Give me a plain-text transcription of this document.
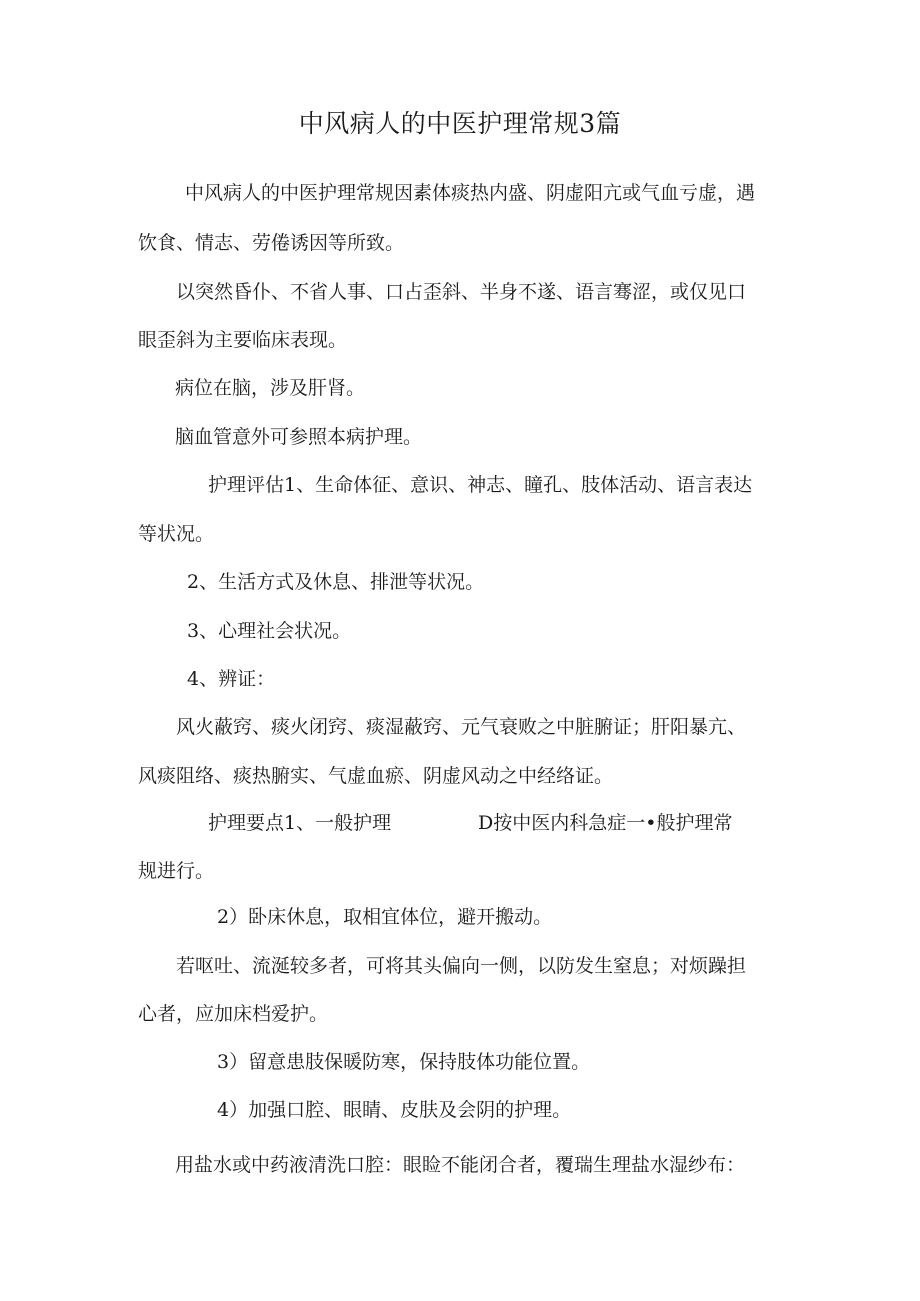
中风病人的中医护理常规3篇
中风病人的中医护理常规因素体痰热内盛、阴虚阳亢或气血亏虚，遇
饮食、情志、劳倦诱因等所致。
以突然昏仆、不省人事、口占歪斜、半身不遂、语言骞涩，或仅见口
眼歪斜为主要临床表现。
病位在脑，涉及肝肾。
脑血管意外可参照本病护理。
护理评估1、生命体征、意识、神志、瞳孔、肢体活动、语言表达
等状况。
2、生活方式及休息、排泄等状况。
3、心理社会状况。
4、辨证：
风火蔽窍、痰火闭窍、痰湿蔽窍、元气衰败之中脏腑证；肝阳暴亢、
风痰阻络、痰热腑实、气虚血瘀、阴虚风动之中经络证。
护理要点1、一般护理	D按中医内科急症一•般护理常
规进行。
2）卧床休息，取相宜体位，避开搬动。
若呕吐、流涎较多者，可将其头偏向一侧，以防发生窒息；对烦躁担
心者，应加床档爱护。
3）留意患肢保暖防寒，保持肢体功能位置。
4）加强口腔、眼睛、皮肤及会阴的护理。
用盐水或中药液清洗口腔：眼睑不能闭合者，覆瑞生理盐水湿纱布：
